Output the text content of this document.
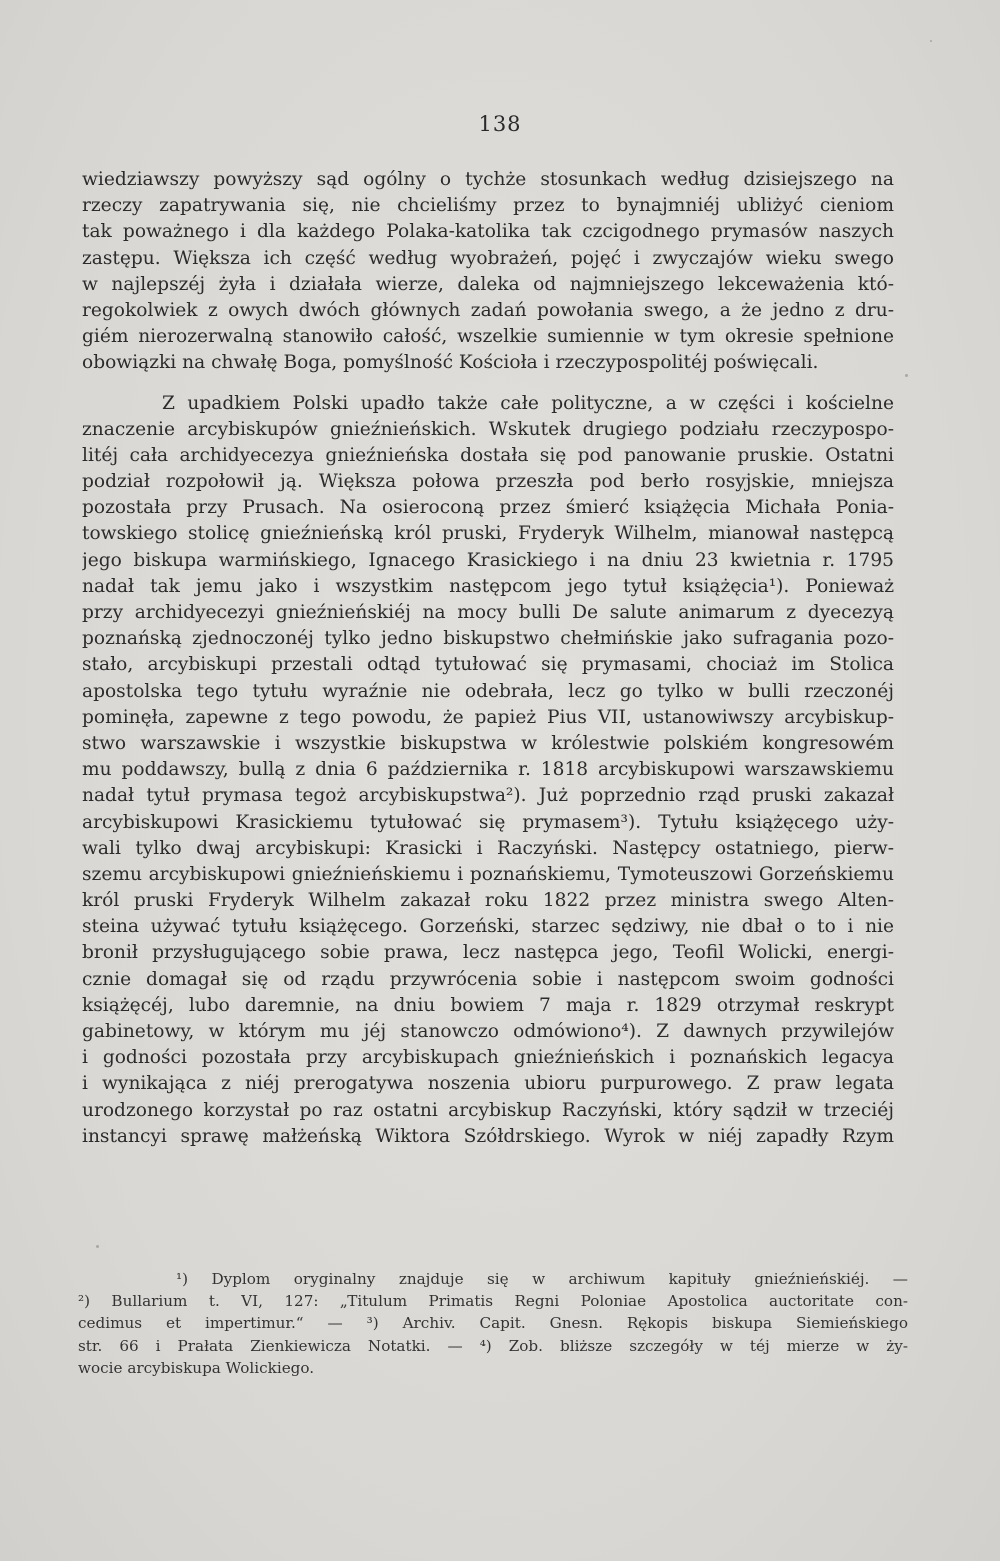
138
wiedziawszy powyższy sąd ogólny o tychże stosunkach według dzisiejszego na
rzeczy zapatrywania się, nie chcieliśmy przez to bynajmniéj ubliżyć cieniom
tak poważnego i dla każdego Polaka-katolika tak czcigodnego prymasów naszych
zastępu. Większa ich część według wyobrażeń, pojęć i zwyczajów wieku swego
w najlepszéj żyła i działała wierze, daleka od najmniejszego lekceważenia któ-
regokolwiek z owych dwóch głównych zadań powołania swego, a że jedno z dru-
giém nierozerwalną stanowiło całość, wszelkie sumiennie w tym okresie spełnione
obowiązki na chwałę Boga, pomyślność Kościoła i rzeczypospolitéj poświęcali.
Z upadkiem Polski upadło także całe polityczne, a w części i kościelne
znaczenie arcybiskupów gnieźnieńskich. Wskutek drugiego podziału rzeczypospo-
litéj cała archidyecezya gnieźnieńska dostała się pod panowanie pruskie. Ostatni
podział rozpołowił ją. Większa połowa przeszła pod berło rosyjskie, mniejsza
pozostała przy Prusach. Na osieroconą przez śmierć książęcia Michała Ponia-
towskiego stolicę gnieźnieńską król pruski, Fryderyk Wilhelm, mianował następcą
jego biskupa warmińskiego, Ignacego Krasickiego i na dniu 23 kwietnia r. 1795
nadał tak jemu jako i wszystkim następcom jego tytuł książęcia¹). Ponieważ
przy archidyecezyi gnieźnieńskiéj na mocy bulli De salute animarum z dyecezyą
poznańską zjednoczonéj tylko jedno biskupstwo chełmińskie jako sufragania pozo-
stało, arcybiskupi przestali odtąd tytułować się prymasami, chociaż im Stolica
apostolska tego tytułu wyraźnie nie odebrała, lecz go tylko w bulli rzeczonéj
pominęła, zapewne z tego powodu, że papież Pius VII, ustanowiwszy arcybiskup-
stwo warszawskie i wszystkie biskupstwa w królestwie polskiém kongresowém
mu poddawszy, bullą z dnia 6 października r. 1818 arcybiskupowi warszawskiemu
nadał tytuł prymasa tegoż arcybiskupstwa²). Już poprzednio rząd pruski zakazał
arcybiskupowi Krasickiemu tytułować się prymasem³). Tytułu książęcego uży-
wali tylko dwaj arcybiskupi: Krasicki i Raczyński. Następcy ostatniego, pierw-
szemu arcybiskupowi gnieźnieńskiemu i poznańskiemu, Tymoteuszowi Gorzeńskiemu
król pruski Fryderyk Wilhelm zakazał roku 1822 przez ministra swego Alten-
steina używać tytułu książęcego. Gorzeński, starzec sędziwy, nie dbał o to i nie
bronił przysługującego sobie prawa, lecz następca jego, Teofil Wolicki, energi-
cznie domagał się od rządu przywrócenia sobie i następcom swoim godności
książęcéj, lubo daremnie, na dniu bowiem 7 maja r. 1829 otrzymał reskrypt
gabinetowy, w którym mu jéj stanowczo odmówiono⁴). Z dawnych przywilejów
i godności pozostała przy arcybiskupach gnieźnieńskich i poznańskich legacya
i wynikająca z niéj prerogatywa noszenia ubioru purpurowego. Z praw legata
urodzonego korzystał po raz ostatni arcybiskup Raczyński, który sądził w trzeciéj
instancyi sprawę małżeńską Wiktora Szółdrskiego. Wyrok w niéj zapadły Rzym
¹) Dyplom oryginalny znajduje się w archiwum kapituły gnieźnieńskiéj. —
²) Bullarium t. VI, 127: „Titulum Primatis Regni Poloniae Apostolica auctoritate con-
cedimus et impertimur.“ — ³) Archiv. Capit. Gnesn. Rękopis biskupa Siemieńskiego
str. 66 i Prałata Zienkiewicza Notatki. — ⁴) Zob. bliższe szczegóły w téj mierze w ży-
wocie arcybiskupa Wolickiego.
